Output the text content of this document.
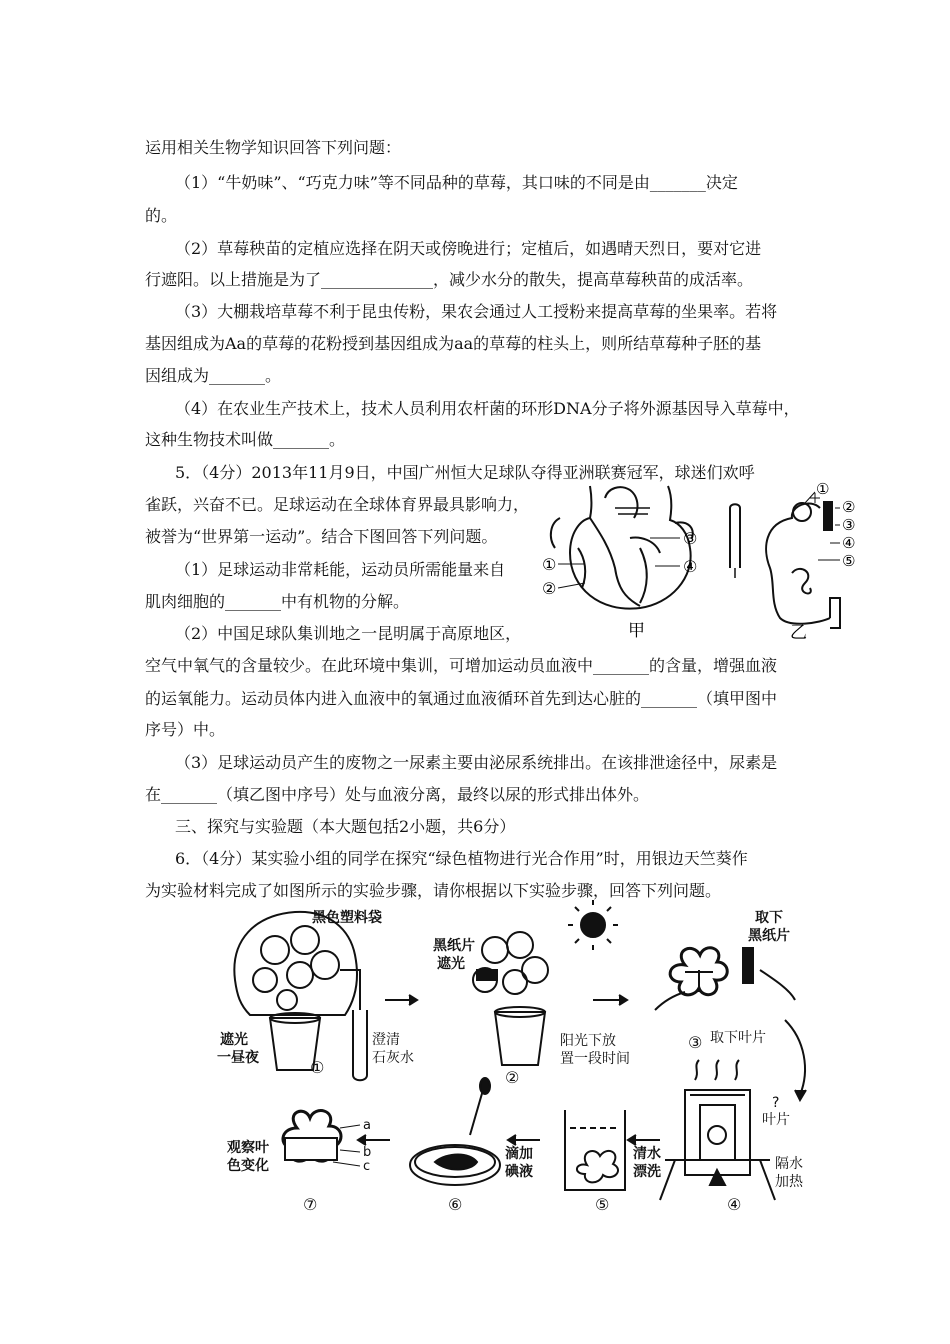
运用相关生物学知识回答下列问题：
（1）“牛奶味”、“巧克力味”等不同品种的草莓，其口味的不同是由_______决定
的。
（2）草莓秧苗的定植应选择在阴天或傍晚进行；定植后，如遇晴天烈日，要对它进
行遮阳。以上措施是为了______________，减少水分的散失，提高草莓秧苗的成活率。
（3）大棚栽培草莓不利于昆虫传粉，果农会通过人工授粉来提高草莓的坐果率。若将
基因组成为Aa的草莓的花粉授到基因组成为aa的草莓的柱头上，则所结草莓种子胚的基
因组成为_______。
（4）在农业生产技术上，技术人员利用农杆菌的环形DNA分子将外源基因导入草莓中，
这种生物技术叫做_______。
5．（4分）2013年11月9日，中国广州恒大足球队夺得亚洲联赛冠军，球迷们欢呼
雀跃，兴奋不已。足球运动在全球体育界最具影响力，
被誉为“世界第一运动”。结合下图回答下列问题。
（1）足球运动非常耗能，运动员所需能量来自
肌肉细胞的_______中有机物的分解。
（2）中国足球队集训地之一昆明属于高原地区，
空气中氧气的含量较少。在此环境中集训，可增加运动员血液中_______的含量，增强血液
的运氧能力。运动员体内进入血液中的氧通过血液循环首先到达心脏的_______（填甲图中
序号）中。
（3）足球运动员产生的废物之一尿素主要由泌尿系统排出。在该排泄途径中，尿素是
在_______（填乙图中序号）处与血液分离，最终以尿的形式排出体外。
三、探究与实验题（本大题包括2小题，共6分）
6．（4分）某实验小组的同学在探究“绿色植物进行光合作用”时，用银边天竺葵作
为实验材料完成了如图所示的实验步骤，请你根据以下实验步骤，回答下列问题。
①
②
③
④
甲
①
②
③
④
⑤
乙
黑色塑料袋
遮光
一昼夜
澄清
石灰水
①
黑纸片
遮光
阳光下放
置一段时间
②
取下
黑纸片
取下叶片
③
?
叶片
隔水
加热
④
清水
漂洗
⑤
滴加
碘液
⑥
观察叶
色变化
a
b
c
⑦
